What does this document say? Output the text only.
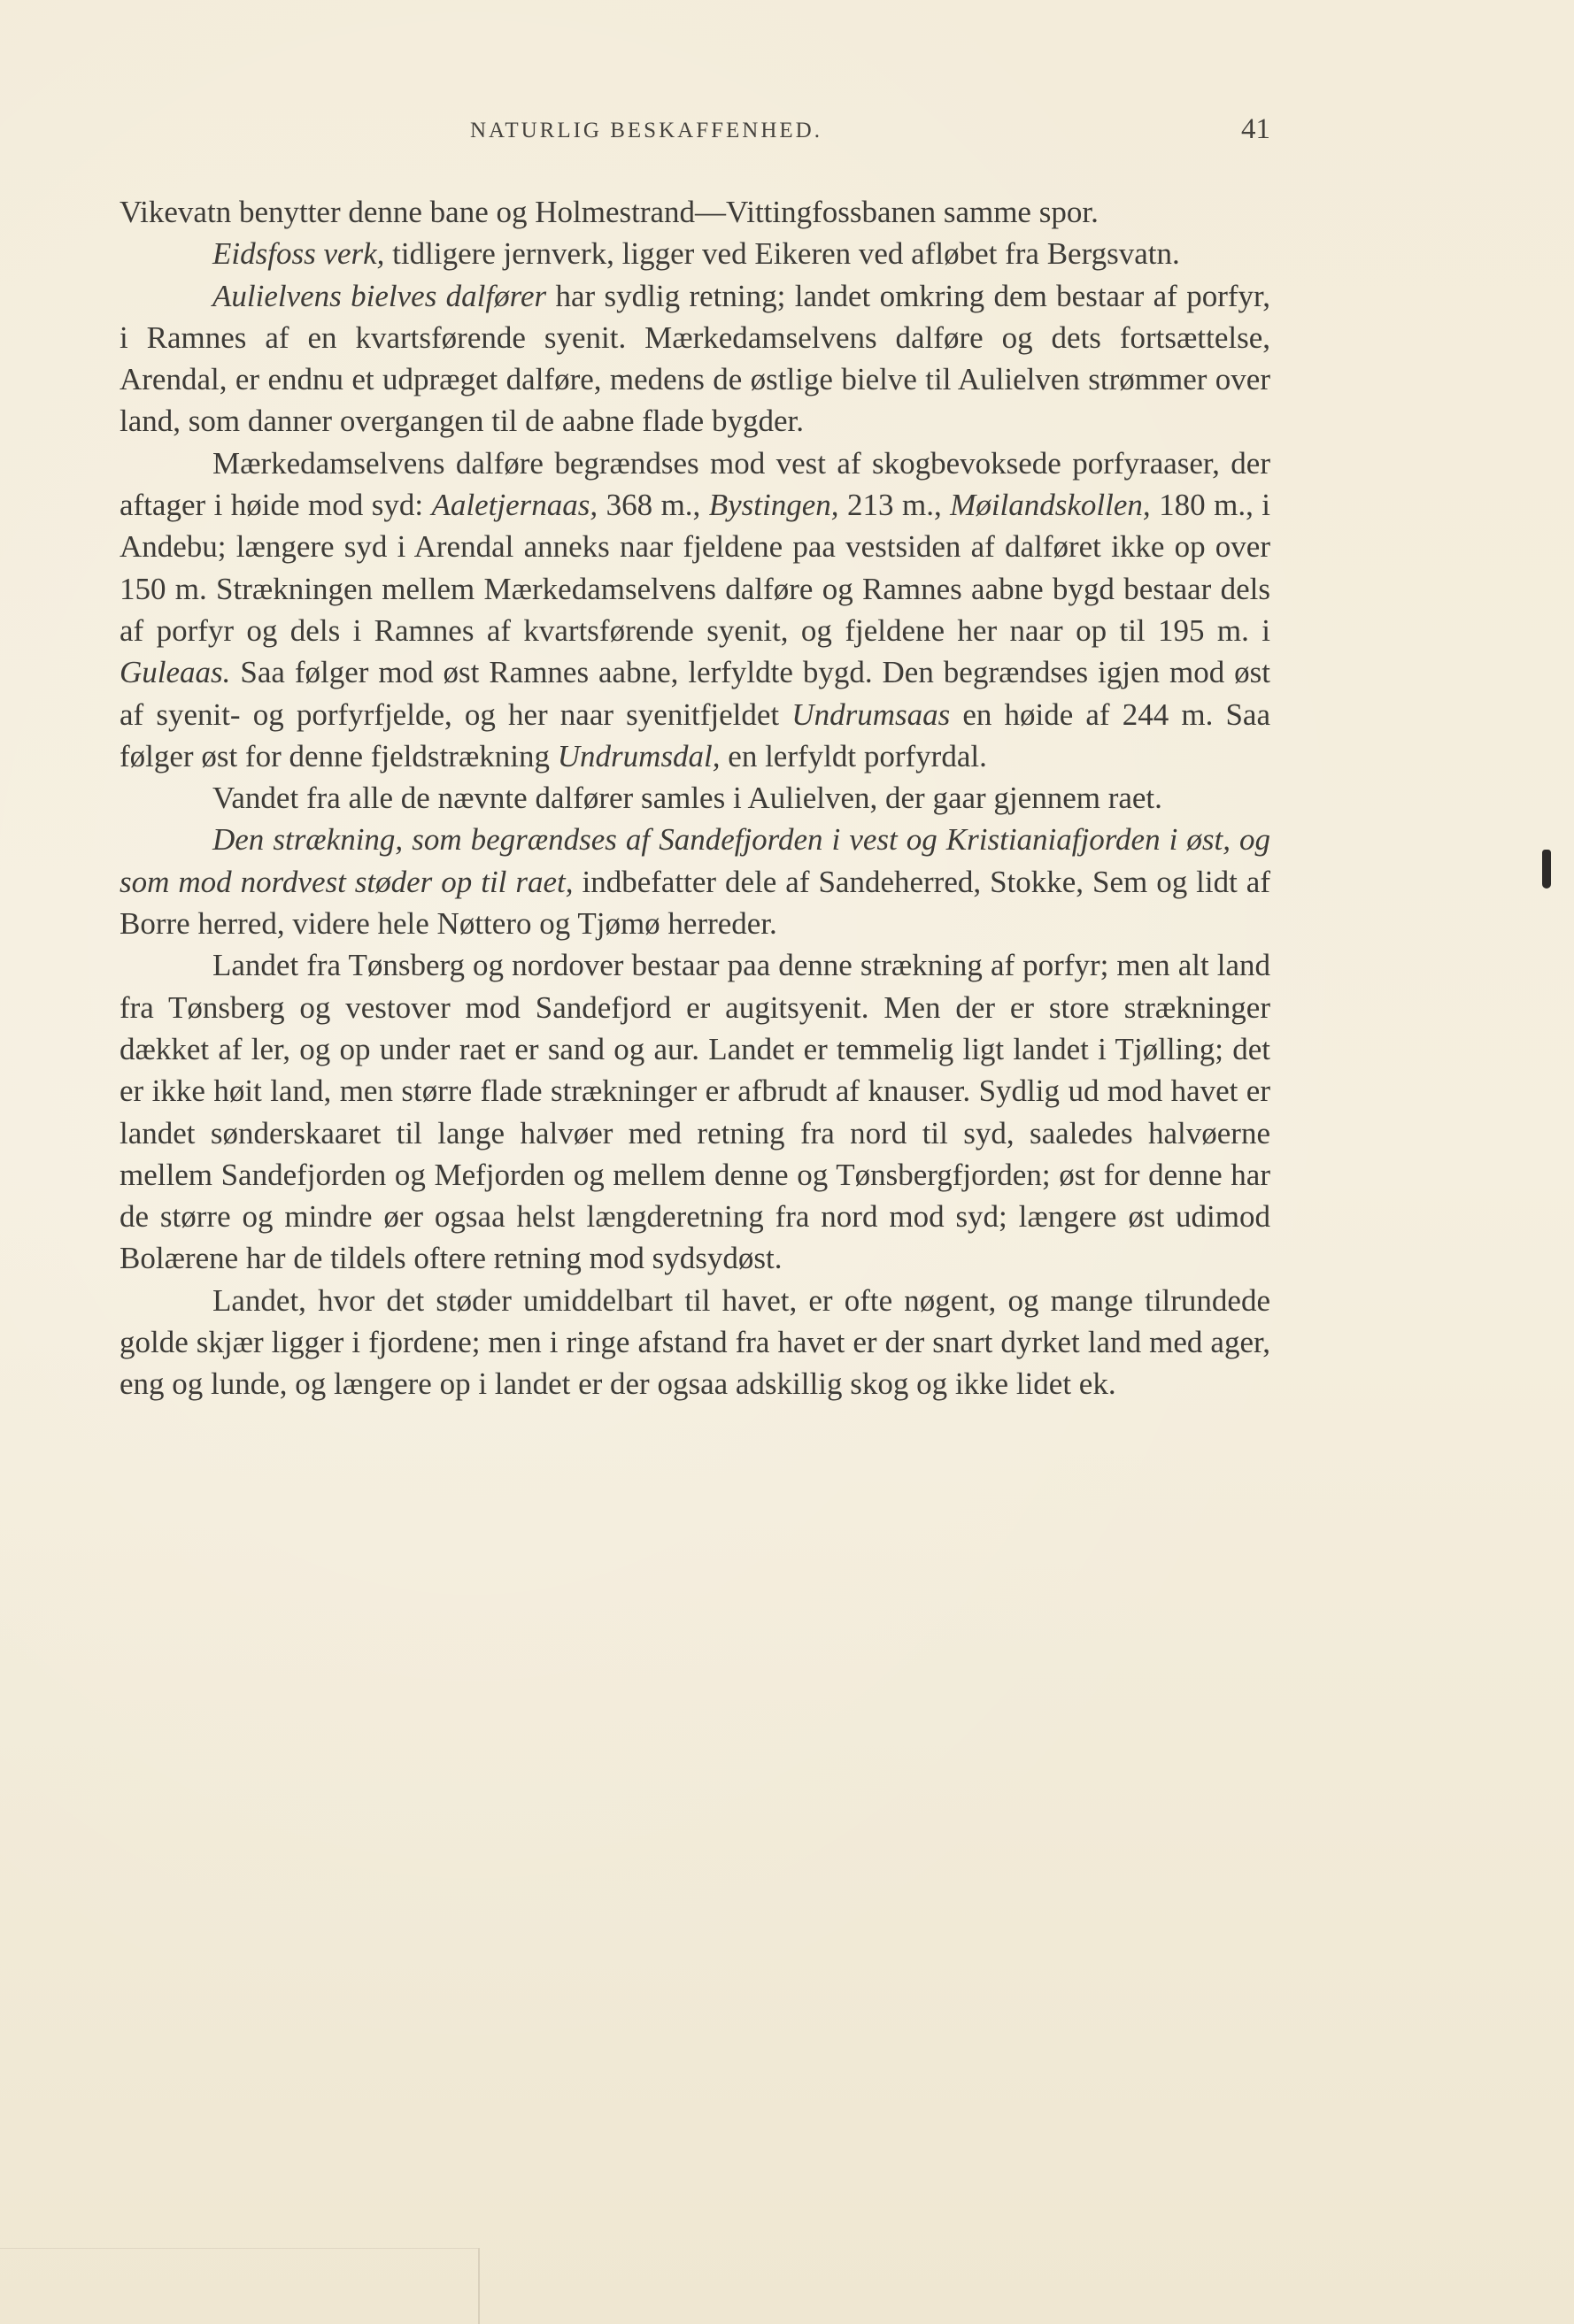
NATURLIG BESKAFFENHED.	41

Vikevatn benytter denne bane og Holmestrand—Vittingfossbanen samme spor.

Eidsfoss verk, tidligere jernverk, ligger ved Eikeren ved afløbet fra Bergsvatn.

Aulielvens bielves dalfører har sydlig retning; landet omkring dem bestaar af porfyr, i Ramnes af en kvartsførende syenit. Mærkedamselvens dalføre og dets fortsættelse, Arendal, er endnu et udpræget dalføre, medens de østlige bielve til Aulielven strømmer over land, som danner overgangen til de aabne flade bygder.

Mærkedamselvens dalføre begrændses mod vest af skogbevoksede porfyraaser, der aftager i høide mod syd: Aaletjernaas, 368 m., Bystingen, 213 m., Møilandskollen, 180 m., i Andebu; længere syd i Arendal anneks naar fjeldene paa vestsiden af dalføret ikke op over 150 m. Strækningen mellem Mærkedamselvens dalføre og Ramnes aabne bygd bestaar dels af porfyr og dels i Ramnes af kvartsførende syenit, og fjeldene her naar op til 195 m. i Guleaas. Saa følger mod øst Ramnes aabne, lerfyldte bygd. Den begrændses igjen mod øst af syenit- og porfyrfjelde, og her naar syenitfjeldet Undrumsaas en høide af 244 m. Saa følger øst for denne fjeldstrækning Undrumsdal, en lerfyldt porfyrdal.

Vandet fra alle de nævnte dalfører samles i Aulielven, der gaar gjennem raet.

Den strækning, som begrændses af Sandefjorden i vest og Kristianiafjorden i øst, og som mod nordvest støder op til raet, indbefatter dele af Sandeherred, Stokke, Sem og lidt af Borre herred, videre hele Nøttero og Tjømø herreder.

Landet fra Tønsberg og nordover bestaar paa denne strækning af porfyr; men alt land fra Tønsberg og vestover mod Sandefjord er augitsyenit. Men der er store strækninger dækket af ler, og op under raet er sand og aur. Landet er temmelig ligt landet i Tjølling; det er ikke høit land, men større flade strækninger er afbrudt af knauser. Sydlig ud mod havet er landet sønderskaaret til lange halvøer med retning fra nord til syd, saaledes halvøerne mellem Sandefjorden og Mefjorden og mellem denne og Tønsbergfjorden; øst for denne har de større og mindre øer ogsaa helst længderetning fra nord mod syd; længere øst udimod Bolærene har de tildels oftere retning mod sydsydøst.

Landet, hvor det støder umiddelbart til havet, er ofte nøgent, og mange tilrundede golde skjær ligger i fjordene; men i ringe afstand fra havet er der snart dyrket land med ager, eng og lunde, og længere op i landet er der ogsaa adskillig skog og ikke lidet ek.
